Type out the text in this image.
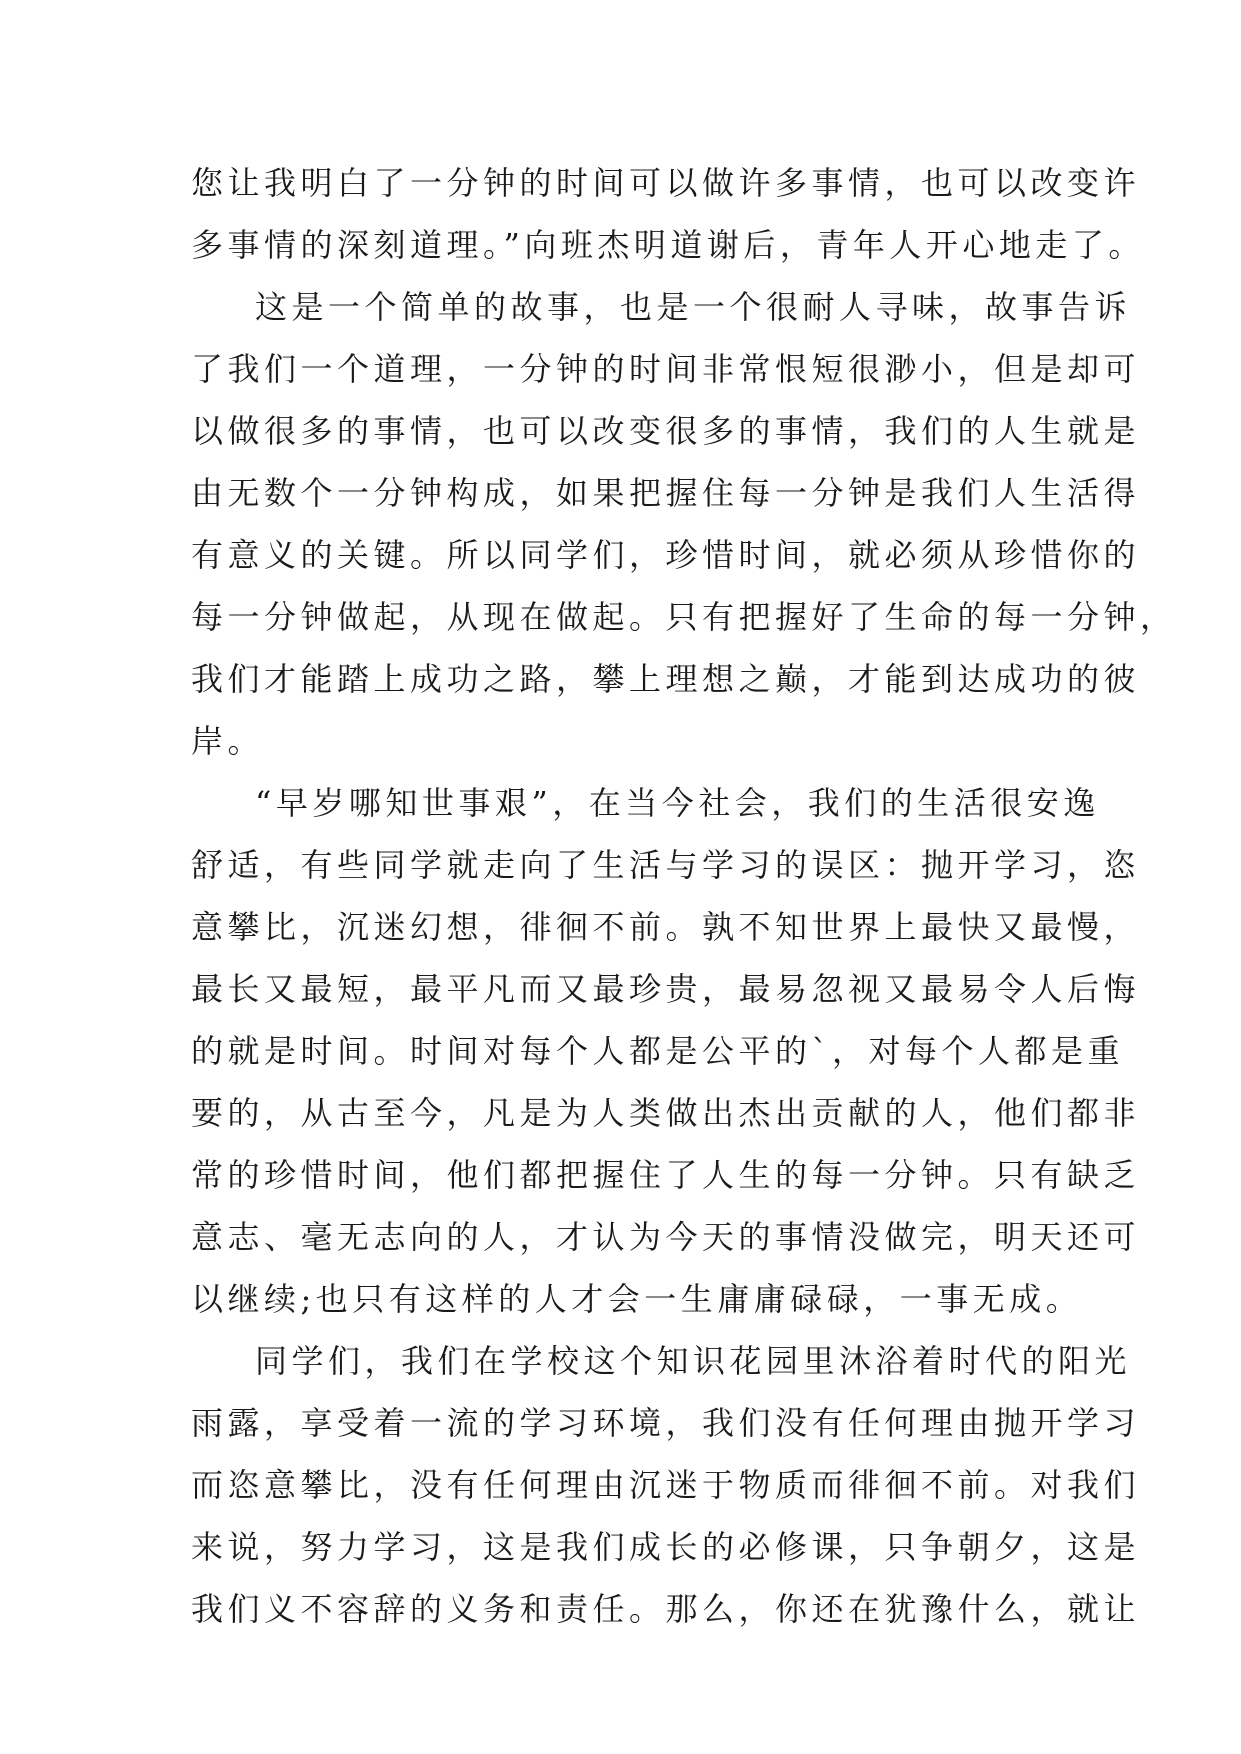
您让我明白了一分钟的时间可以做许多事情，也可以改变许
多事情的深刻道理。”向班杰明道谢后，青年人开心地走了。
这是一个简单的故事，也是一个很耐人寻味，故事告诉
了我们一个道理，一分钟的时间非常恨短很渺小，但是却可
以做很多的事情，也可以改变很多的事情，我们的人生就是
由无数个一分钟构成，如果把握住每一分钟是我们人生活得
有意义的关键。所以同学们，珍惜时间，就必须从珍惜你的
每一分钟做起，从现在做起。只有把握好了生命的每一分钟，
我们才能踏上成功之路，攀上理想之巅，才能到达成功的彼
岸。
“早岁哪知世事艰”，在当今社会，我们的生活很安逸
舒适，有些同学就走向了生活与学习的误区：抛开学习，恣
意攀比，沉迷幻想，徘徊不前。孰不知世界上最快又最慢，
最长又最短，最平凡而又最珍贵，最易忽视又最易令人后悔
的就是时间。时间对每个人都是公平的`，对每个人都是重
要的，从古至今，凡是为人类做出杰出贡献的人，他们都非
常的珍惜时间，他们都把握住了人生的每一分钟。只有缺乏
意志、毫无志向的人，才认为今天的事情没做完，明天还可
以继续;也只有这样的人才会一生庸庸碌碌，一事无成。
同学们，我们在学校这个知识花园里沐浴着时代的阳光
雨露，享受着一流的学习环境，我们没有任何理由抛开学习
而恣意攀比，没有任何理由沉迷于物质而徘徊不前。对我们
来说，努力学习，这是我们成长的必修课，只争朝夕，这是
我们义不容辞的义务和责任。那么，你还在犹豫什么，就让
